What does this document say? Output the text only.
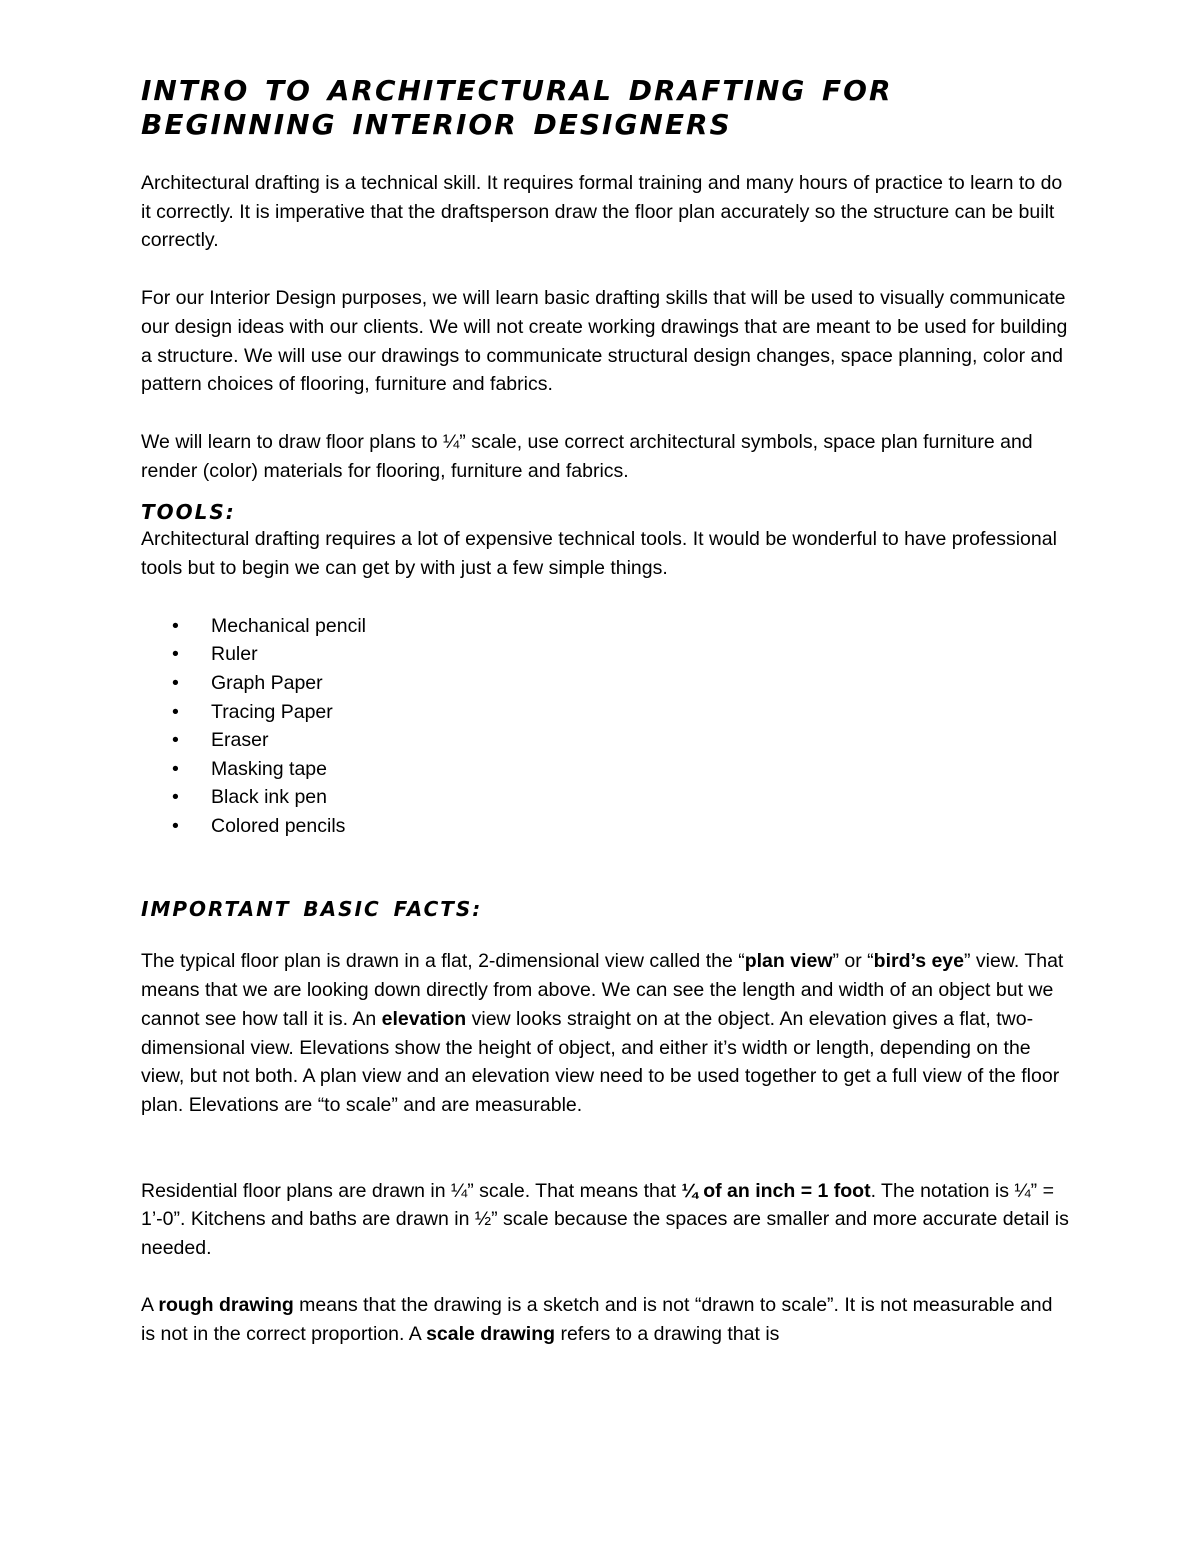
INTRO TO ARCHITECTURAL DRAFTING FOR BEGINNING INTERIOR DESIGNERS

Architectural drafting is a technical skill. It requires formal training and many hours of practice to learn to do it correctly. It is imperative that the draftsperson draw the floor plan accurately so the structure can be built correctly.

For our Interior Design purposes, we will learn basic drafting skills that will be used to visually communicate our design ideas with our clients. We will not create working drawings that are meant to be used for building a structure. We will use our drawings to communicate structural design changes, space planning, color and pattern choices of flooring, furniture and fabrics.

We will learn to draw floor plans to ¼” scale, use correct architectural symbols, space plan furniture and render (color) materials for flooring, furniture and fabrics.

TOOLS:

Architectural drafting requires a lot of expensive technical tools. It would be wonderful to have professional tools but to begin we can get by with just a few simple things.

• Mechanical pencil
• Ruler
• Graph Paper
• Tracing Paper
• Eraser
• Masking tape
• Black ink pen
• Colored pencils
IMPORTANT BASIC FACTS:

The typical floor plan is drawn in a flat, 2-dimensional view called the “plan view” or “bird’s eye” view. That means that we are looking down directly from above. We can see the length and width of an object but we cannot see how tall it is. An elevation view looks straight on at the object. An elevation gives a flat, two-dimensional view. Elevations show the height of object, and either it’s width or length, depending on the view, but not both. A plan view and an elevation view need to be used together to get a full view of the floor plan. Elevations are “to scale” and are measurable.

Residential floor plans are drawn in ¼” scale. That means that ¼ of an inch = 1 foot. The notation is ¼” = 1’-0”. Kitchens and baths are drawn in ½” scale because the spaces are smaller and more accurate detail is needed.

A rough drawing means that the drawing is a sketch and is not “drawn to scale”. It is not measurable and is not in the correct proportion. A scale drawing refers to a drawing that is
